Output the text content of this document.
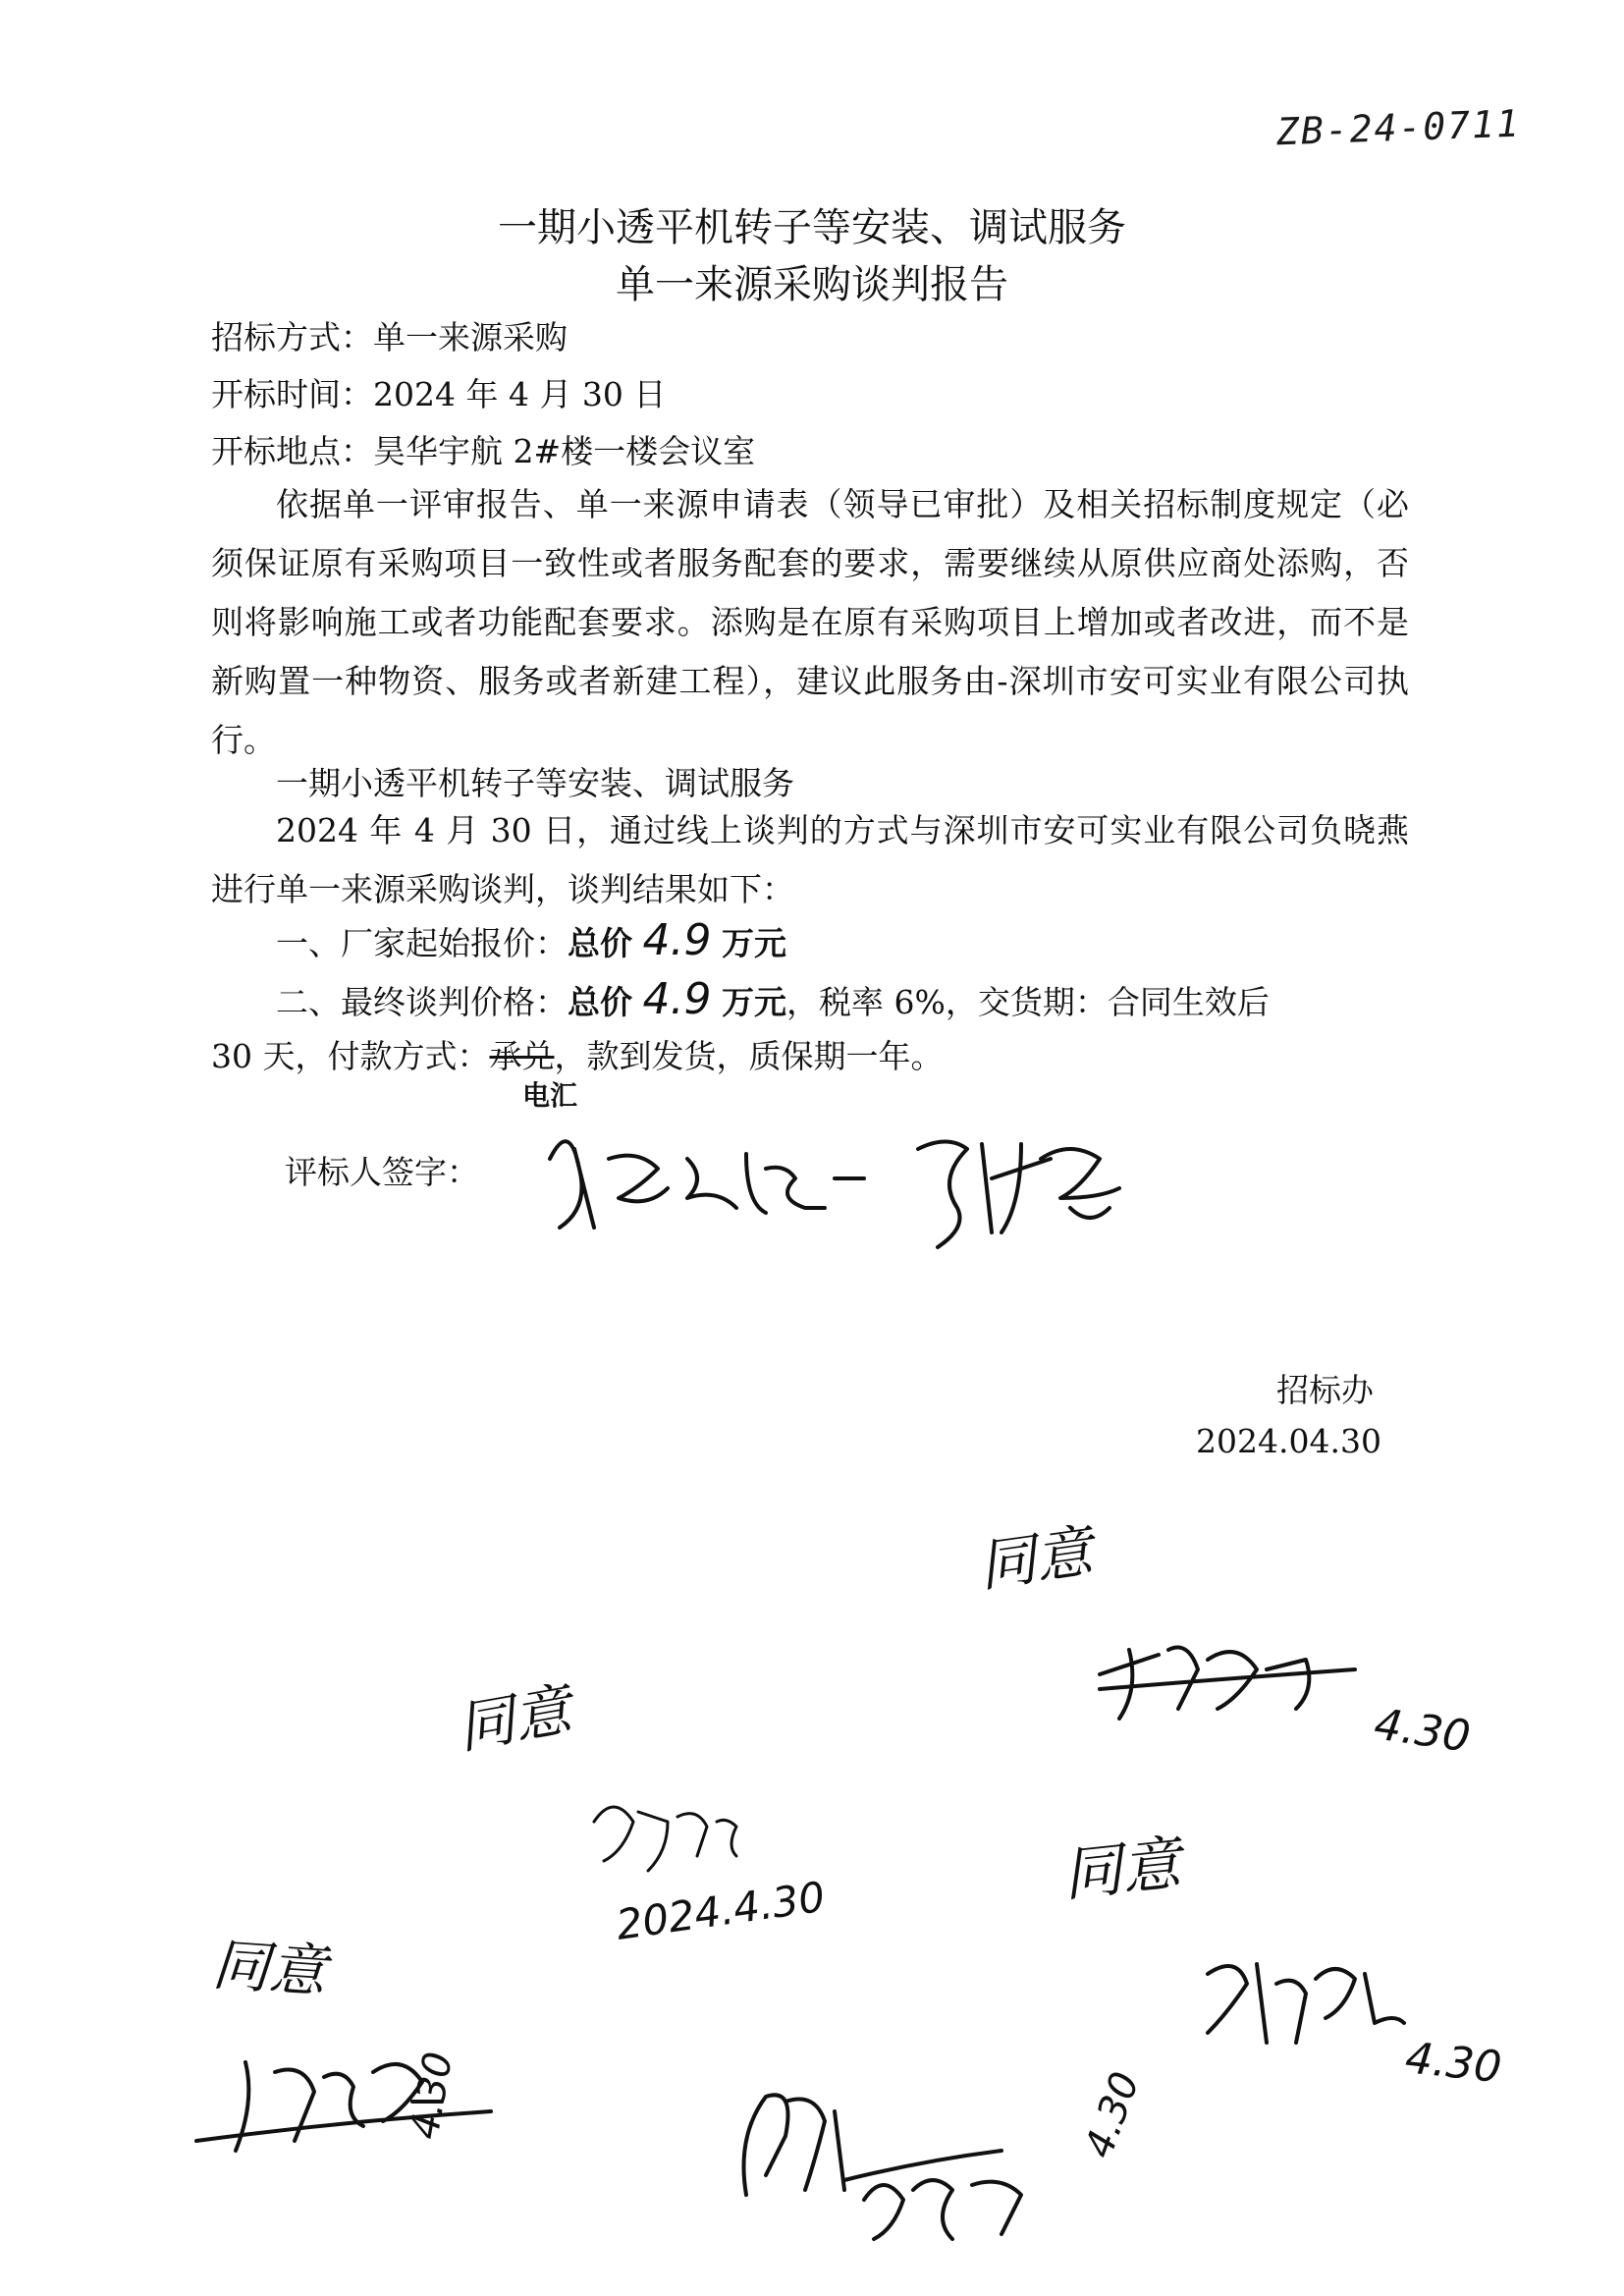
ZB-24-0711
一期小透平机转子等安装、调试服务
单一来源采购谈判报告
招标方式：单一来源采购
开标时间：2024 年 4 月 30 日
开标地点：昊华宇航 2#楼一楼会议室
依据单一评审报告、单一来源申请表（领导已审批）及相关招标制度规定（必须保证原有采购项目一致性或者服务配套的要求，需要继续从原供应商处添购，否则将影响施工或者功能配套要求。添购是在原有采购项目上增加或者改进，而不是新购置一种物资、服务或者新建工程），建议此服务由-深圳市安可实业有限公司执行。
一期小透平机转子等安装、调试服务
2024 年 4 月 30 日，通过线上谈判的方式与深圳市安可实业有限公司负晓燕进行单一来源采购谈判，谈判结果如下：
一、厂家起始报价：总价 4.9 万元
二、最终谈判价格：总价 4.9 万元，税率 6%，交货期：合同生效后
30 天，付款方式：承兑，款到发货，质保期一年。
电汇
评标人签字：
招标办
2024.04.30
同意
4.30
同意
2024.4.30
同意
4.30
同意
4.30	4.30
